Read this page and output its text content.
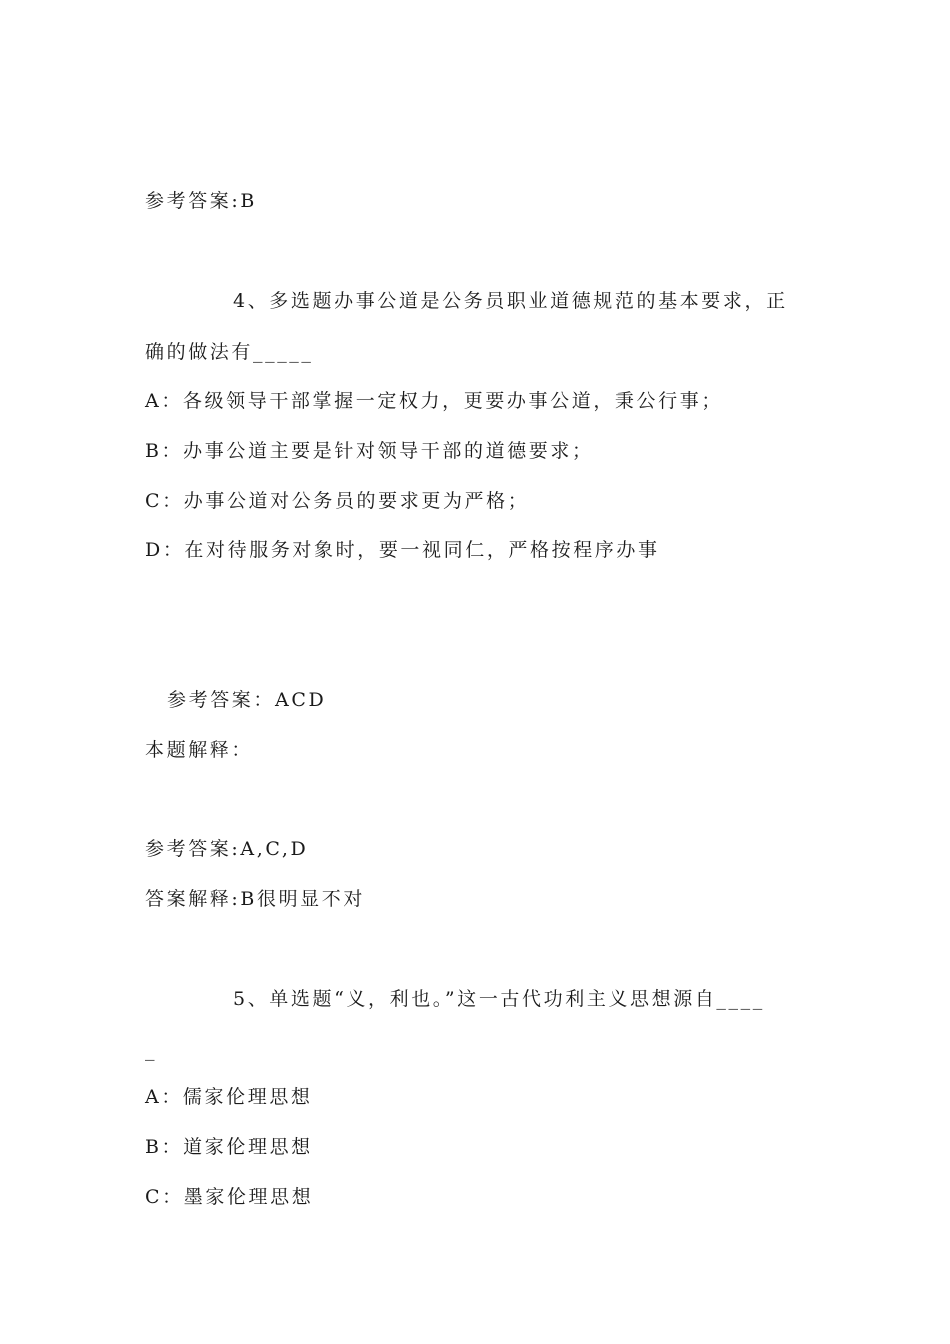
参考答案:B
4、多选题办事公道是公务员职业道德规范的基本要求，正
确的做法有_____
A：各级领导干部掌握一定权力，更要办事公道，秉公行事；
B：办事公道主要是针对领导干部的道德要求；
C：办事公道对公务员的要求更为严格；
D：在对待服务对象时，要一视同仁，严格按程序办事
参考答案：ACD
本题解释：
参考答案:A,C,D
答案解释:B很明显不对
5、单选题“义，利也。”这一古代功利主义思想源自____
_
A：儒家伦理思想
B：道家伦理思想
C：墨家伦理思想
